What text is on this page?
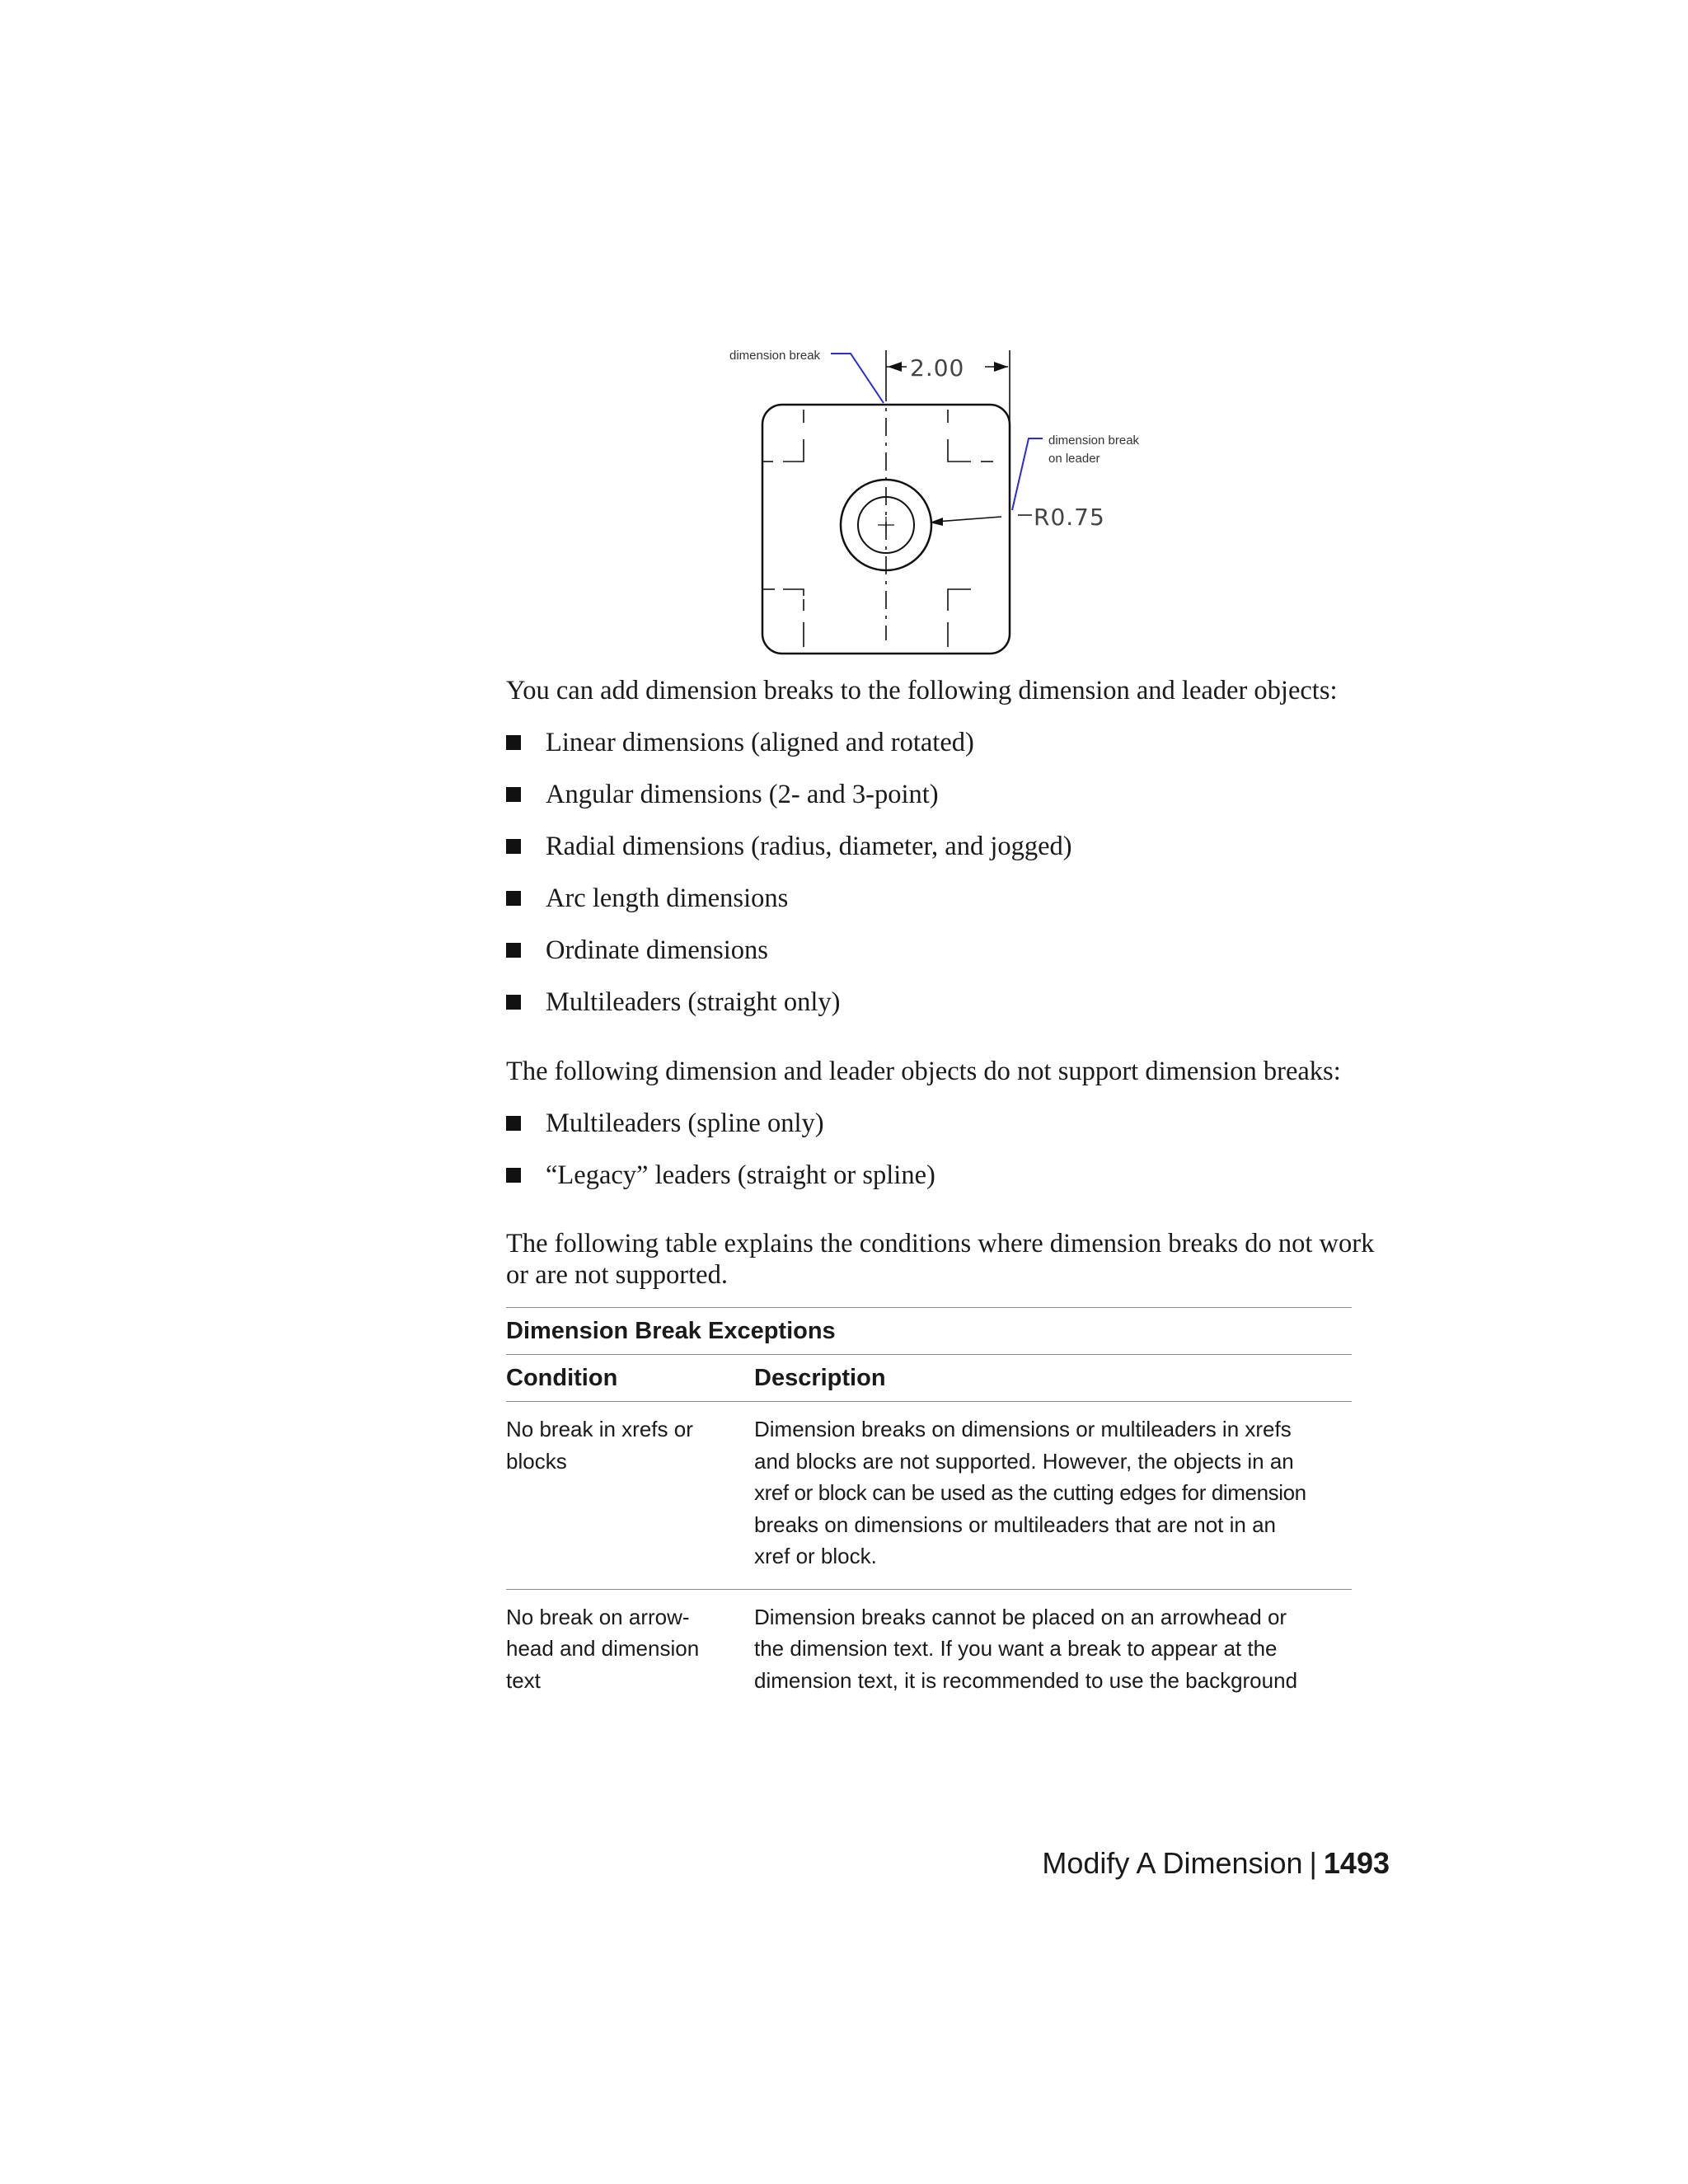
R0.75
2.00
dimension break
dimension break
on leader

You can add dimension breaks to the following dimension and leader objects:

Linear dimensions (aligned and rotated)
Angular dimensions (2- and 3-point)
Radial dimensions (radius, diameter, and jogged)
Arc length dimensions
Ordinate dimensions
Multileaders (straight only)

The following dimension and leader objects do not support dimension breaks:

Multileaders (spline only)
“Legacy” leaders (straight or spline)

The following table explains the conditions where dimension breaks do not work or are not supported.

Dimension Break Exceptions
Condition	Description
No break in xrefs or
blocks
Dimension breaks on dimensions or multileaders in xrefs
and blocks are not supported. However, the objects in an
xref or block can be used as the cutting edges for dimension
breaks on dimensions or multileaders that are not in an
xref or block.
No break on arrow-
head and dimension
text
Dimension breaks cannot be placed on an arrowhead or
the dimension text. If you want a break to appear at the
dimension text, it is recommended to use the background
Modify A Dimension | 1493
